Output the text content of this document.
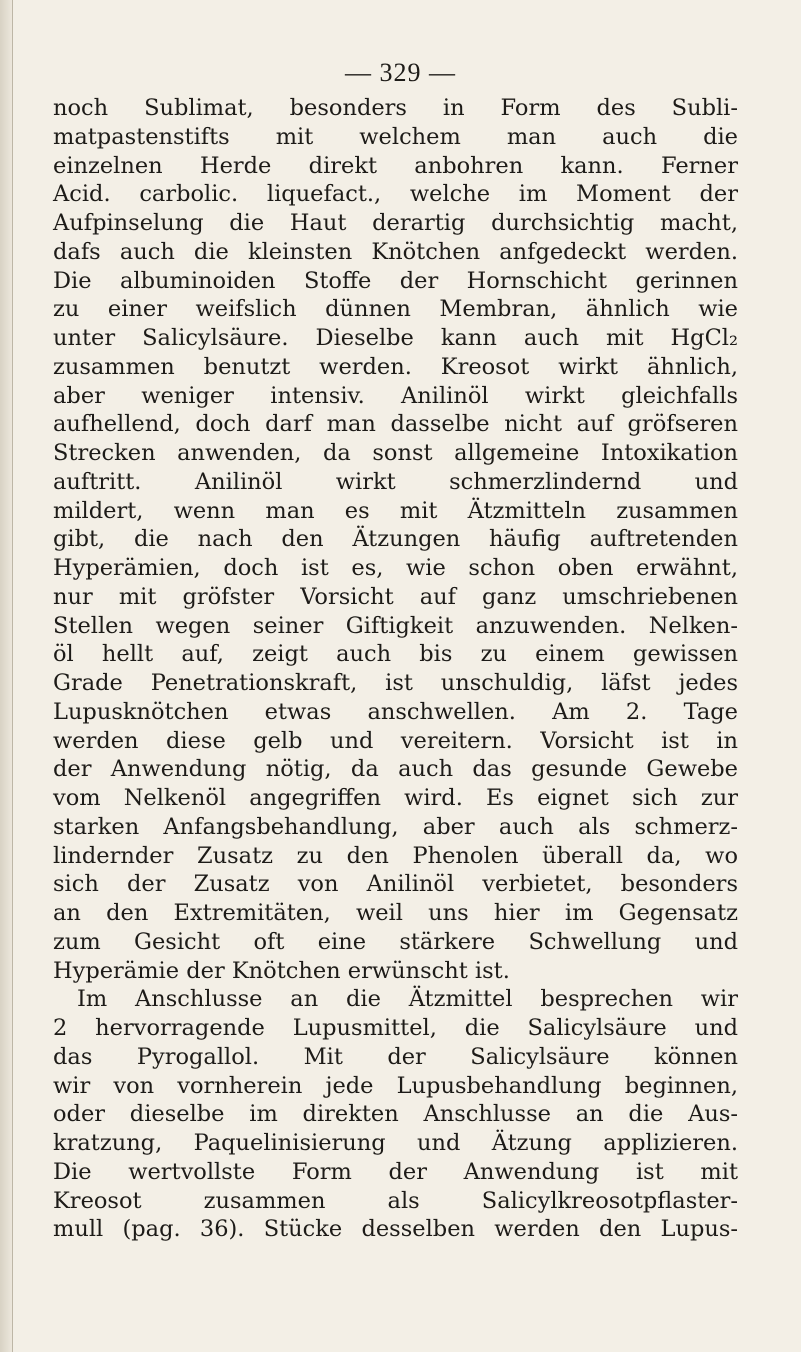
— 329 —
noch Sublimat, besonders in Form des Subli-
matpastenstifts mit welchem man auch die
einzelnen Herde direkt anbohren kann. Ferner
Acid. carbolic. liquefact., welche im Moment der
Aufpinselung die Haut derartig durchsichtig macht,
dafs auch die kleinsten Knötchen anfgedeckt werden.
Die albuminoiden Stoffe der Hornschicht gerinnen
zu einer weifslich dünnen Membran, ähnlich wie
unter Salicylsäure. Dieselbe kann auch mit HgCl₂
zusammen benutzt werden. Kreosot wirkt ähnlich,
aber weniger intensiv. Anilinöl wirkt gleichfalls
aufhellend, doch darf man dasselbe nicht auf gröfseren
Strecken anwenden, da sonst allgemeine Intoxikation
auftritt. Anilinöl wirkt schmerzlindernd und
mildert, wenn man es mit Ätzmitteln zusammen
gibt, die nach den Ätzungen häufig auftretenden
Hyperämien, doch ist es, wie schon oben erwähnt,
nur mit gröfster Vorsicht auf ganz umschriebenen
Stellen wegen seiner Giftigkeit anzuwenden. Nelken-
öl hellt auf, zeigt auch bis zu einem gewissen
Grade Penetrationskraft, ist unschuldig, läfst jedes
Lupusknötchen etwas anschwellen. Am 2. Tage
werden diese gelb und vereitern. Vorsicht ist in
der Anwendung nötig, da auch das gesunde Gewebe
vom Nelkenöl angegriffen wird. Es eignet sich zur
starken Anfangsbehandlung, aber auch als schmerz-
lindernder Zusatz zu den Phenolen überall da, wo
sich der Zusatz von Anilinöl verbietet, besonders
an den Extremitäten, weil uns hier im Gegensatz
zum Gesicht oft eine stärkere Schwellung und
Hyperämie der Knötchen erwünscht ist.
Im Anschlusse an die Ätzmittel besprechen wir
2 hervorragende Lupusmittel, die Salicylsäure und
das Pyrogallol. Mit der Salicylsäure können
wir von vornherein jede Lupusbehandlung beginnen,
oder dieselbe im direkten Anschlusse an die Aus-
kratzung, Paquelinisierung und Ätzung applizieren.
Die wertvollste Form der Anwendung ist mit
Kreosot zusammen als Salicylkreosotpflaster-
mull (pag. 36). Stücke desselben werden den Lupus-
